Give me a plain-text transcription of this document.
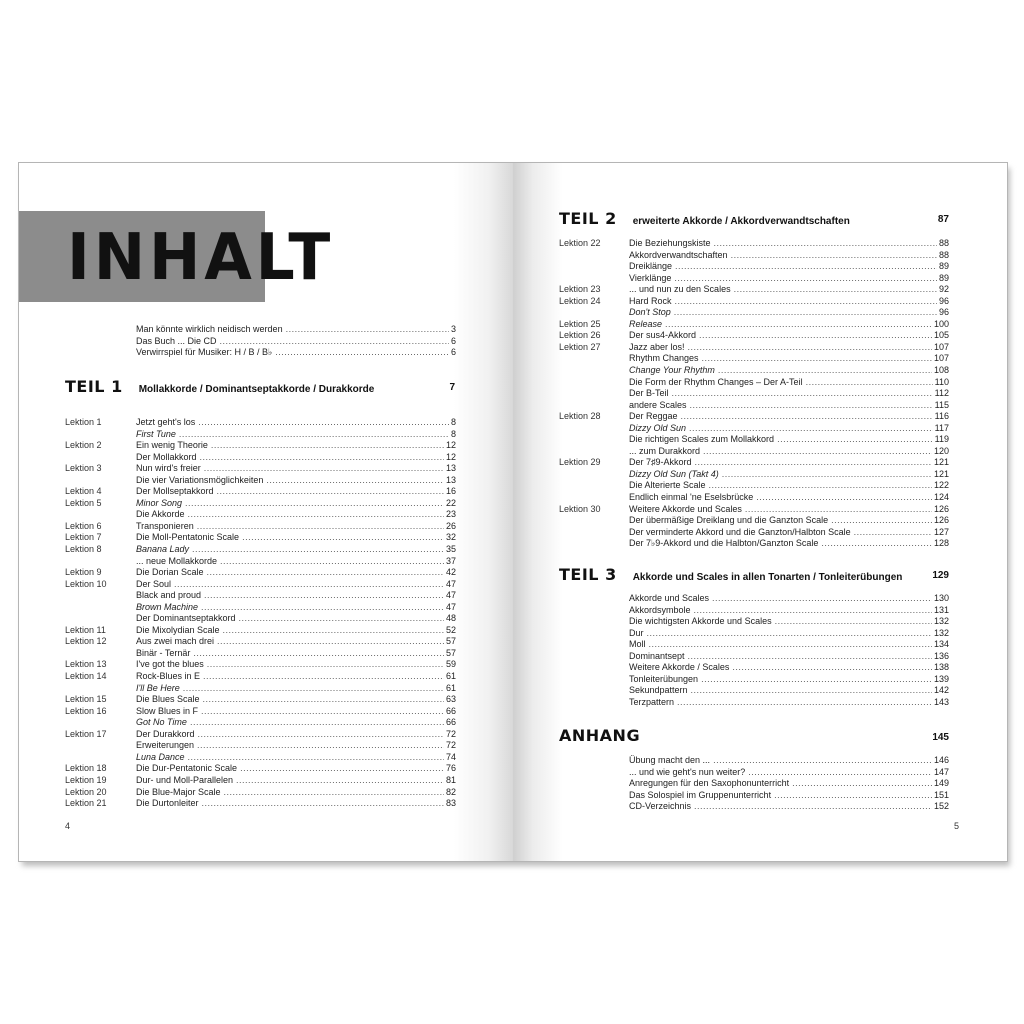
INHALT
Man könnte wirklich neidisch werden .....	3
Das Buch ... Die CD .....	6
Verwirrspiel für Musiker: H / B / B♭ .....	6
TEIL 1 Mollakkorde / Dominantseptakkorde / Durakkorde	7
Lektion 1	Jetzt geht's los .....	8
First Tune .....	8
Lektion 2	Ein wenig Theorie .....	12
Der Mollakkord .....	12
Lektion 3	Nun wird's freier .....	13
Die vier Variationsmöglichkeiten .....	13
Lektion 4	Der Mollseptakkord .....	16
Lektion 5	Minor Song .....	22
Die Akkorde .....	23
Lektion 6	Transponieren .....	26
Lektion 7	Die Moll-Pentatonic Scale .....	32
Lektion 8	Banana Lady .....	35
... neue Mollakkorde .....	37
Lektion 9	Die Dorian Scale .....	42
Lektion 10	Der Soul .....	47
Black and proud .....	47
Brown Machine .....	47
Der Dominantseptakkord .....	48
Lektion 11	Die Mixolydian Scale .....	52
Lektion 12	Aus zwei mach drei .....	57
Binär - Ternär .....	57
Lektion 13	I've got the blues .....	59
Lektion 14	Rock-Blues in E .....	61
I'll Be Here .....	61
Lektion 15	Die Blues Scale .....	63
Lektion 16	Slow Blues in F .....	66
Got No Time .....	66
Lektion 17	Der Durakkord .....	72
Erweiterungen .....	72
Luna Dance .....	74
Lektion 18	Die Dur-Pentatonic Scale .....	76
Lektion 19	Dur- und Moll-Parallelen .....	81
Lektion 20	Die Blue-Major Scale .....	82
Lektion 21	Die Durtonleiter .....	83
4
TEIL 2 erweiterte Akkorde / Akkordverwandtschaften	87
Lektion 22	Die Beziehungskiste .....	88
Akkordverwandtschaften .....	88
Dreiklänge .....	89
Vierklänge .....	89
Lektion 23	... und nun zu den Scales .....	92
Lektion 24	Hard Rock .....	96
Don't Stop .....	96
Lektion 25	Release .....	100
Lektion 26	Der sus4-Akkord .....	105
Lektion 27	Jazz aber los! .....	107
Rhythm Changes .....	107
Change Your Rhythm .....	108
Die Form der Rhythm Changes – Der A-Teil .....	110
Der B-Teil .....	112
andere Scales .....	115
Lektion 28	Der Reggae .....	116
Dizzy Old Sun .....	117
Die richtigen Scales zum Mollakkord .....	119
... zum Durakkord .....	120
Lektion 29	Der 7♯9-Akkord .....	121
Dizzy Old Sun (Takt 4) .....	121
Die Alterierte Scale .....	122
Endlich einmal 'ne Eselsbrücke .....	124
Lektion 30	Weitere Akkorde und Scales .....	126
Der übermäßige Dreiklang und die Ganzton Scale .....	126
Der verminderte Akkord und die Ganzton/Halbton Scale .....	127
Der 7♭9-Akkord und die Halbton/Ganzton Scale .....	128
TEIL 3 Akkorde und Scales in allen Tonarten / Tonleiterübungen	129
Akkorde und Scales .....	130
Akkordsymbole .....	131
Die wichtigsten Akkorde und Scales .....	132
Dur .....	132
Moll .....	134
Dominantsept .....	136
Weitere Akkorde / Scales .....	138
Tonleiterübungen .....	139
Sekundpattern .....	142
Terzpattern .....	143
ANHANG	145
Übung macht den ... .....	146
... und wie geht's nun weiter? .....	147
Anregungen für den Saxophonunterricht .....	149
Das Solospiel im Gruppenunterricht .....	151
CD-Verzeichnis .....	152
5
